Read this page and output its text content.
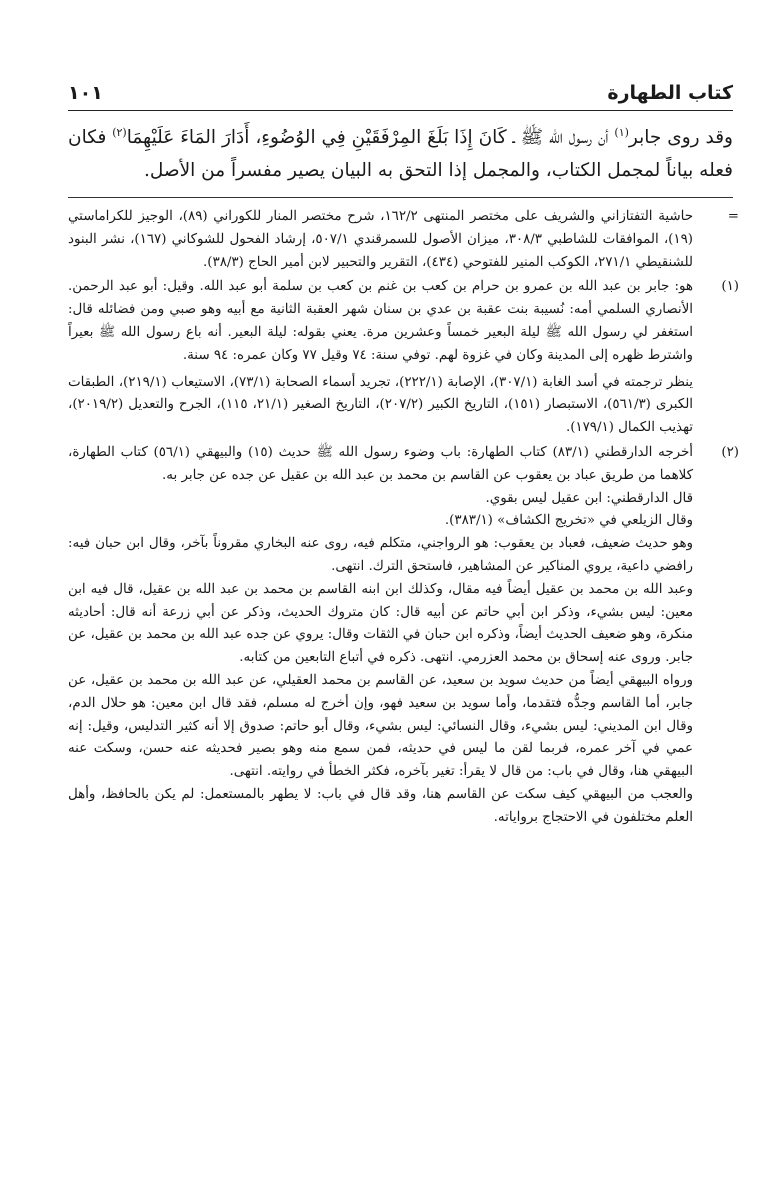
كتاب الطهارة
١٠١
وقد روى جابر$^{(١)}$ أن رسول الله ﷺ ـ كَانَ إِذَا بَلَغَ المِرْفَقَيْنِ فِي الوُضُوءِ، أَدَارَ المَاءَ عَلَيْهِمَا$^{(٢)}$ فكان فعله بياناً لمجمل الكتاب، والمجمل إذا التحق به البيان يصير مفسراً من الأصل.
=

حاشية التفتازاني والشريف على مختصر المنتهى ١٦٢/٢، شرح مختصر المنار للكوراني (٨٩)، الوجيز للكراماستي (١٩)، الموافقات للشاطبي ٣٠٨/٣، ميزان الأصول للسمرقندي ٥٠٧/١، إرشاد الفحول للشوكاني (١٦٧)، نشر البنود للشنقيطي ٢٧١/١، الكوكب المنير للفتوحي (٤٣٤)، التقرير والتحبير لابن أمير الحاج (٣٨/٣).

(١)

هو: جابر بن عبد الله بن عمرو بن حرام بن كعب بن غنم بن كعب بن سلمة أبو عبد الله. وقيل: أبو عبد الرحمن. الأنصاري السلمي أمه: نُسيبة بنت عقبة بن عدي بن سنان شهر العقبة الثانية مع أبيه وهو صبي ومن فضائله قال: استغفر لي رسول الله ﷺ ليلة البعير خمساً وعشرين مرة. يعني بقوله: ليلة البعير. أنه باع رسول الله ﷺ بعيراً واشترط ظهره إلى المدينة وكان في غزوة لهم. توفي سنة: ٧٤ وقيل ٧٧ وكان عمره: ٩٤ سنة.

ينظر ترجمته في أسد الغابة (٣٠٧/١)، الإصابة (٢٢٢/١)، تجريد أسماء الصحابة (٧٣/١)، الاستيعاب (٢١٩/١)، الطبقات الكبرى (٥٦١/٣)، الاستبصار (١٥١)، التاريخ الكبير (٢٠٧/٢)، التاريخ الصغير (٢١/١، ١١٥)، الجرح والتعديل (٢٠١٩/٢)، تهذيب الكمال (١٧٩/١).

(٢)

أخرجه الدارقطني (٨٣/١) كتاب الطهارة: باب وضوء رسول الله ﷺ حديث (١٥) والبيهقي (٥٦/١) كتاب الطهارة، كلاهما من طريق عباد بن يعقوب عن القاسم بن محمد بن عبد الله بن عقيل عن جده عن جابر به.

قال الدارقطني: ابن عقيل ليس بقوي.

وقال الزيلعي في «تخريج الكشاف» (٣٨٣/١).

وهو حديث ضعيف، فعباد بن يعقوب: هو الرواجني، متكلم فيه، روى عنه البخاري مقروناً بآخر، وقال ابن حبان فيه: رافضي داعية، يروي المناكير عن المشاهير، فاستحق الترك. انتهى.

وعبد الله بن محمد بن عقيل أيضاً فيه مقال، وكذلك ابن ابنه القاسم بن محمد بن عبد الله بن عقيل، قال فيه ابن معين: ليس بشيء، وذكر ابن أبي حاتم عن أبيه قال: كان متروك الحديث، وذكر عن أبي زرعة أنه قال: أحاديثه منكرة، وهو ضعيف الحديث أيضاً، وذكره ابن حبان في الثقات وقال: يروي عن جده عبد الله بن محمد بن عقيل، عن جابر. وروى عنه إسحاق بن محمد العزرمي. انتهى. ذكره في أتباع التابعين من كتابه.

ورواه البيهقي أيضاً من حديث سويد بن سعيد، عن القاسم بن محمد العقيلي، عن عبد الله بن محمد بن عقيل، عن جابر، أما القاسم وجدُّه فتقدما، وأما سويد بن سعيد فهو، وإن أخرج له مسلم، فقد قال ابن معين: هو حلال الدم، وقال ابن المديني: ليس بشيء، وقال النسائي: ليس بشيء، وقال أبو حاتم: صدوق إلا أنه كثير التدليس، وقيل: إنه عمي في آخر عمره، فربما لقن ما ليس في حديثه، فمن سمع منه وهو بصير فحديثه عنه حسن، وسكت عنه البيهقي هنا، وقال في باب: من قال لا يقرأ: تغير بآخره، فكثر الخطأ في روايته. انتهى.

والعجب من البيهقي كيف سكت عن القاسم هنا، وقد قال في باب: لا يطهر بالمستعمل: لم يكن بالحافظ، وأهل العلم مختلفون في الاحتجاج برواياته.
